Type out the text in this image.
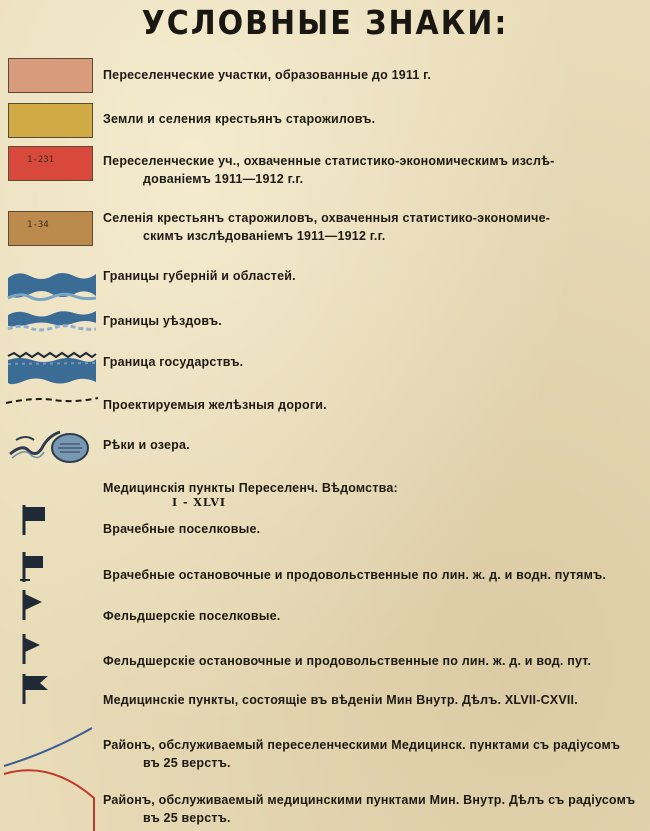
УСЛОВНЫЕ ЗНАКИ:
Переселенческие участки, образованные до 1911 г.
Земли и селения крестьянъ старожиловъ.
1-231	Переселенческие уч., охваченные статистико-экономическимъ изслѣ-
дованіемъ 1911—1912 г.г.
1-34	Селенія крестьянъ старожиловъ, охваченныя статистико-экономиче-
скимъ изслѣдованіемъ 1911—1912 г.г.
Границы губерній и областей.
Границы уѣздовъ.
Граница государствъ.
Проектируемыя желѣзныя дороги.
Рѣки и озера.
Медицинскія пункты Переселенч. Вѣдомства:
I - XLVI
Врачебные поселковые.
Врачебные остановочные и продовольственные по лин. ж. д. и водн. путямъ.
Фельдшерскіе поселковые.
Фельдшерскіе остановочные и продовольственные по лин. ж. д. и вод. пут.
Медицинскіе пункты, состоящіе въ вѣденіи Мин Внутр. Дѣлъ. XLVII-CXVII.
Районъ, обслуживаемый переселенческими Медицинск. пунктами съ радіусомъ
въ 25 верстъ.
Районъ, обслуживаемый медицинскими пунктами Мин. Внутр. Дѣлъ съ радіусомъ
въ 25 верстъ.
